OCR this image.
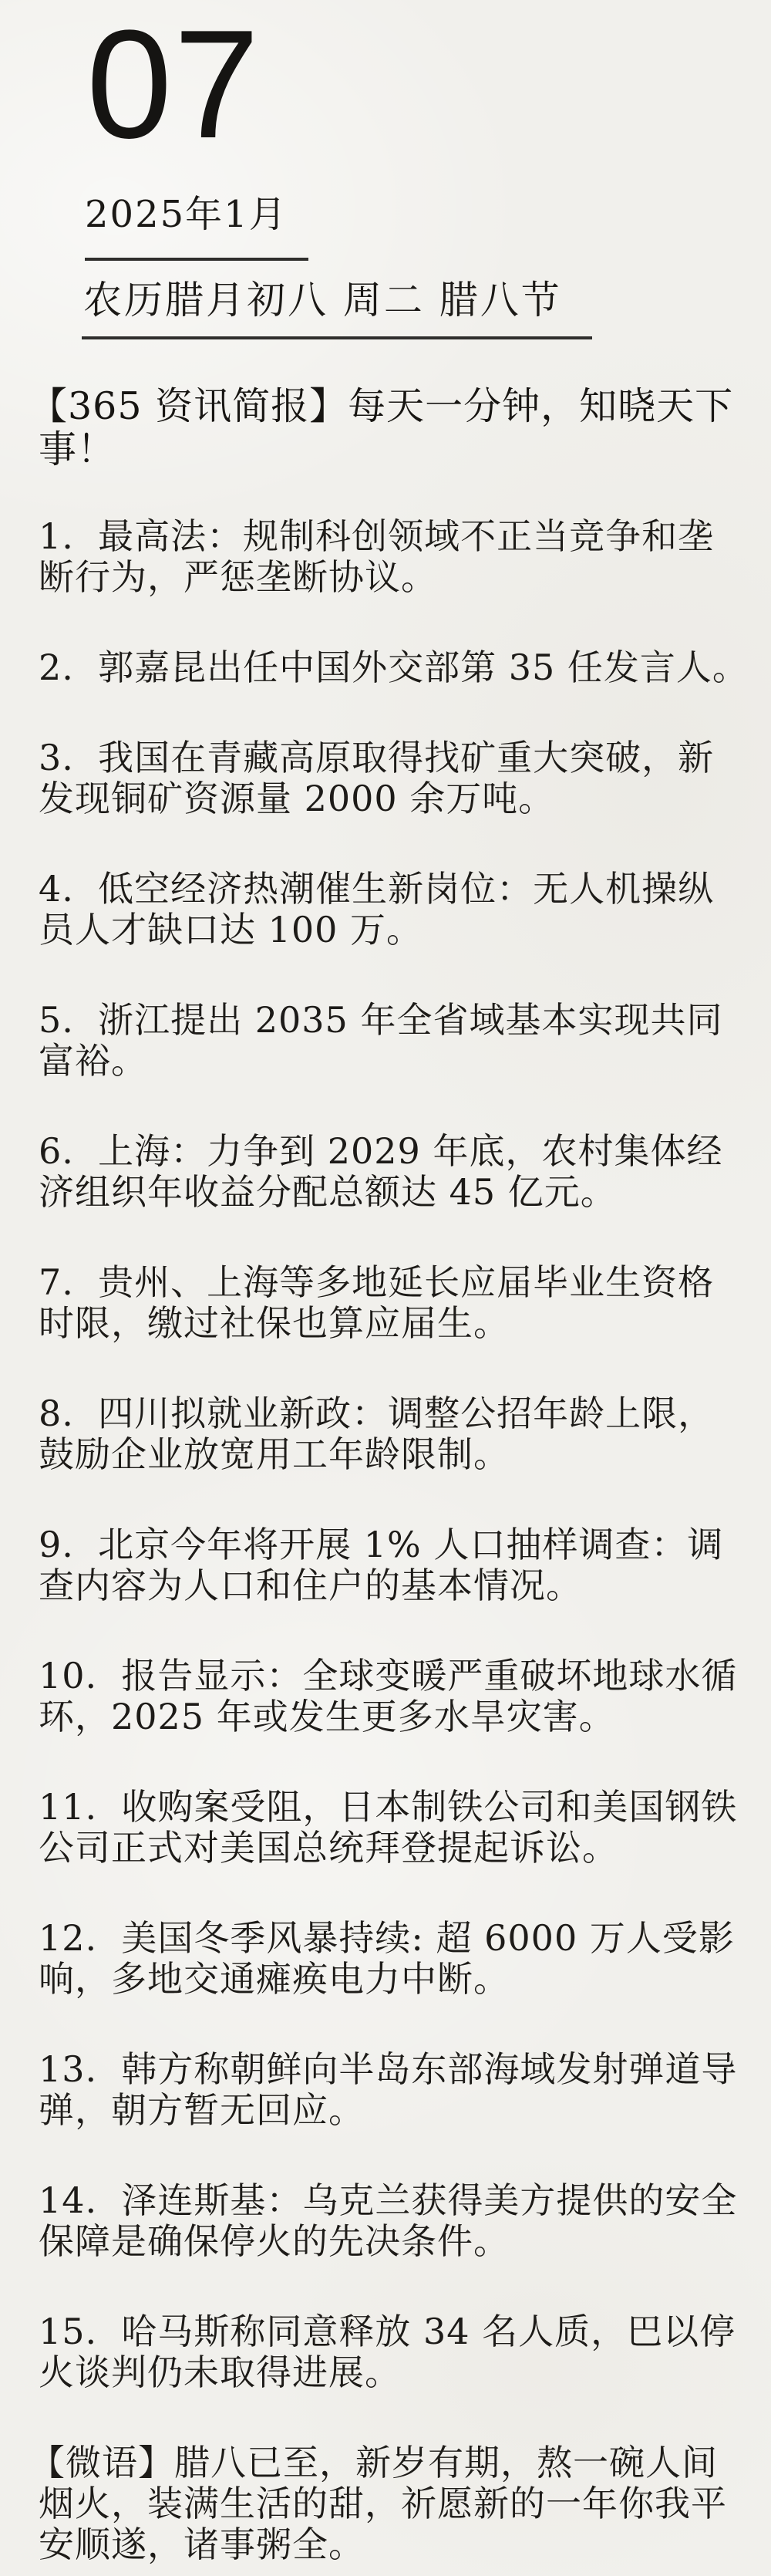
07
2025年1月
农历腊月初八 周二 腊八节

【365 资讯简报】每天一分钟，知晓天下事！

1.  最高法：规制科创领域不正当竞争和垄断行为，严惩垄断协议。

2.  郭嘉昆出任中国外交部第 35 任发言人。

3.  我国在青藏高原取得找矿重大突破，新发现铜矿资源量 2000 余万吨。

4.  低空经济热潮催生新岗位：无人机操纵员人才缺口达 100 万。

5.  浙江提出 2035 年全省域基本实现共同富裕。

6.  上海：力争到 2029 年底，农村集体经济组织年收益分配总额达 45 亿元。

7.  贵州、上海等多地延长应届毕业生资格时限，缴过社保也算应届生。

8.  四川拟就业新政：调整公招年龄上限，鼓励企业放宽用工年龄限制。

9.  北京今年将开展 1% 人口抽样调查：调查内容为人口和住户的基本情况。

10.  报告显示：全球变暖严重破坏地球水循环，2025 年或发生更多水旱灾害。

11.  收购案受阻，日本制铁公司和美国钢铁公司正式对美国总统拜登提起诉讼。

12.  美国冬季风暴持续: 超 6000 万人受影响，多地交通瘫痪电力中断。

13.  韩方称朝鲜向半岛东部海域发射弹道导弹，朝方暂无回应。

14.  泽连斯基：乌克兰获得美方提供的安全保障是确保停火的先决条件。

15.  哈马斯称同意释放 34 名人质，巴以停火谈判仍未取得进展。

【微语】腊八已至，新岁有期，熬一碗人间烟火，装满生活的甜，祈愿新的一年你我平安顺遂，诸事粥全。
